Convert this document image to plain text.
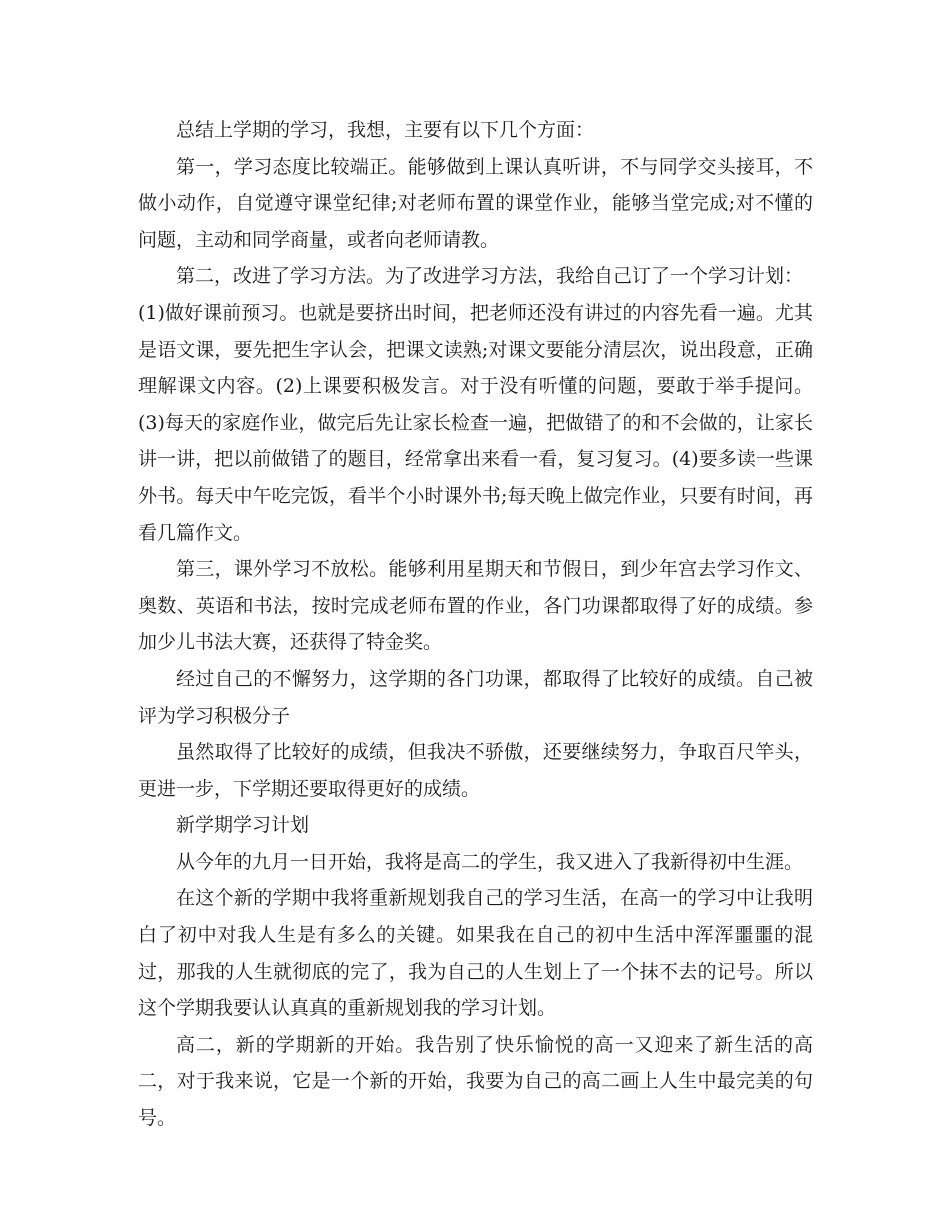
总结上学期的学习，我想，主要有以下几个方面：

第一，学习态度比较端正。能够做到上课认真听讲，不与同学交头接耳，不做小动作，自觉遵守课堂纪律;对老师布置的课堂作业，能够当堂完成;对不懂的问题，主动和同学商量，或者向老师请教。

第二，改进了学习方法。为了改进学习方法，我给自己订了一个学习计划：

(1)做好课前预习。也就是要挤出时间，把老师还没有讲过的内容先看一遍。尤其是语文课，要先把生字认会，把课文读熟;对课文要能分清层次，说出段意，正确理解课文内容。(2)上课要积极发言。对于没有听懂的问题，要敢于举手提问。(3)每天的家庭作业，做完后先让家长检查一遍，把做错了的和不会做的，让家长讲一讲，把以前做错了的题目，经常拿出来看一看，复习复习。(4)要多读一些课外书。每天中午吃完饭，看半个小时课外书;每天晚上做完作业，只要有时间，再看几篇作文。

第三，课外学习不放松。能够利用星期天和节假日，到少年宫去学习作文、奥数、英语和书法，按时完成老师布置的作业，各门功课都取得了好的成绩。参加少儿书法大赛，还获得了特金奖。

经过自己的不懈努力，这学期的各门功课，都取得了比较好的成绩。自己被评为学习积极分子

虽然取得了比较好的成绩，但我决不骄傲，还要继续努力，争取百尺竿头，更进一步，下学期还要取得更好的成绩。

新学期学习计划

从今年的九月一日开始，我将是高二的学生，我又进入了我新得初中生涯。

在这个新的学期中我将重新规划我自己的学习生活，在高一的学习中让我明白了初中对我人生是有多么的关键。如果我在自己的初中生活中浑浑噩噩的混过，那我的人生就彻底的完了，我为自己的人生划上了一个抹不去的记号。所以这个学期我要认认真真的重新规划我的学习计划。

高二，新的学期新的开始。我告别了快乐愉悦的高一又迎来了新生活的高二，对于我来说，它是一个新的开始，我要为自己的高二画上人生中最完美的句号。
